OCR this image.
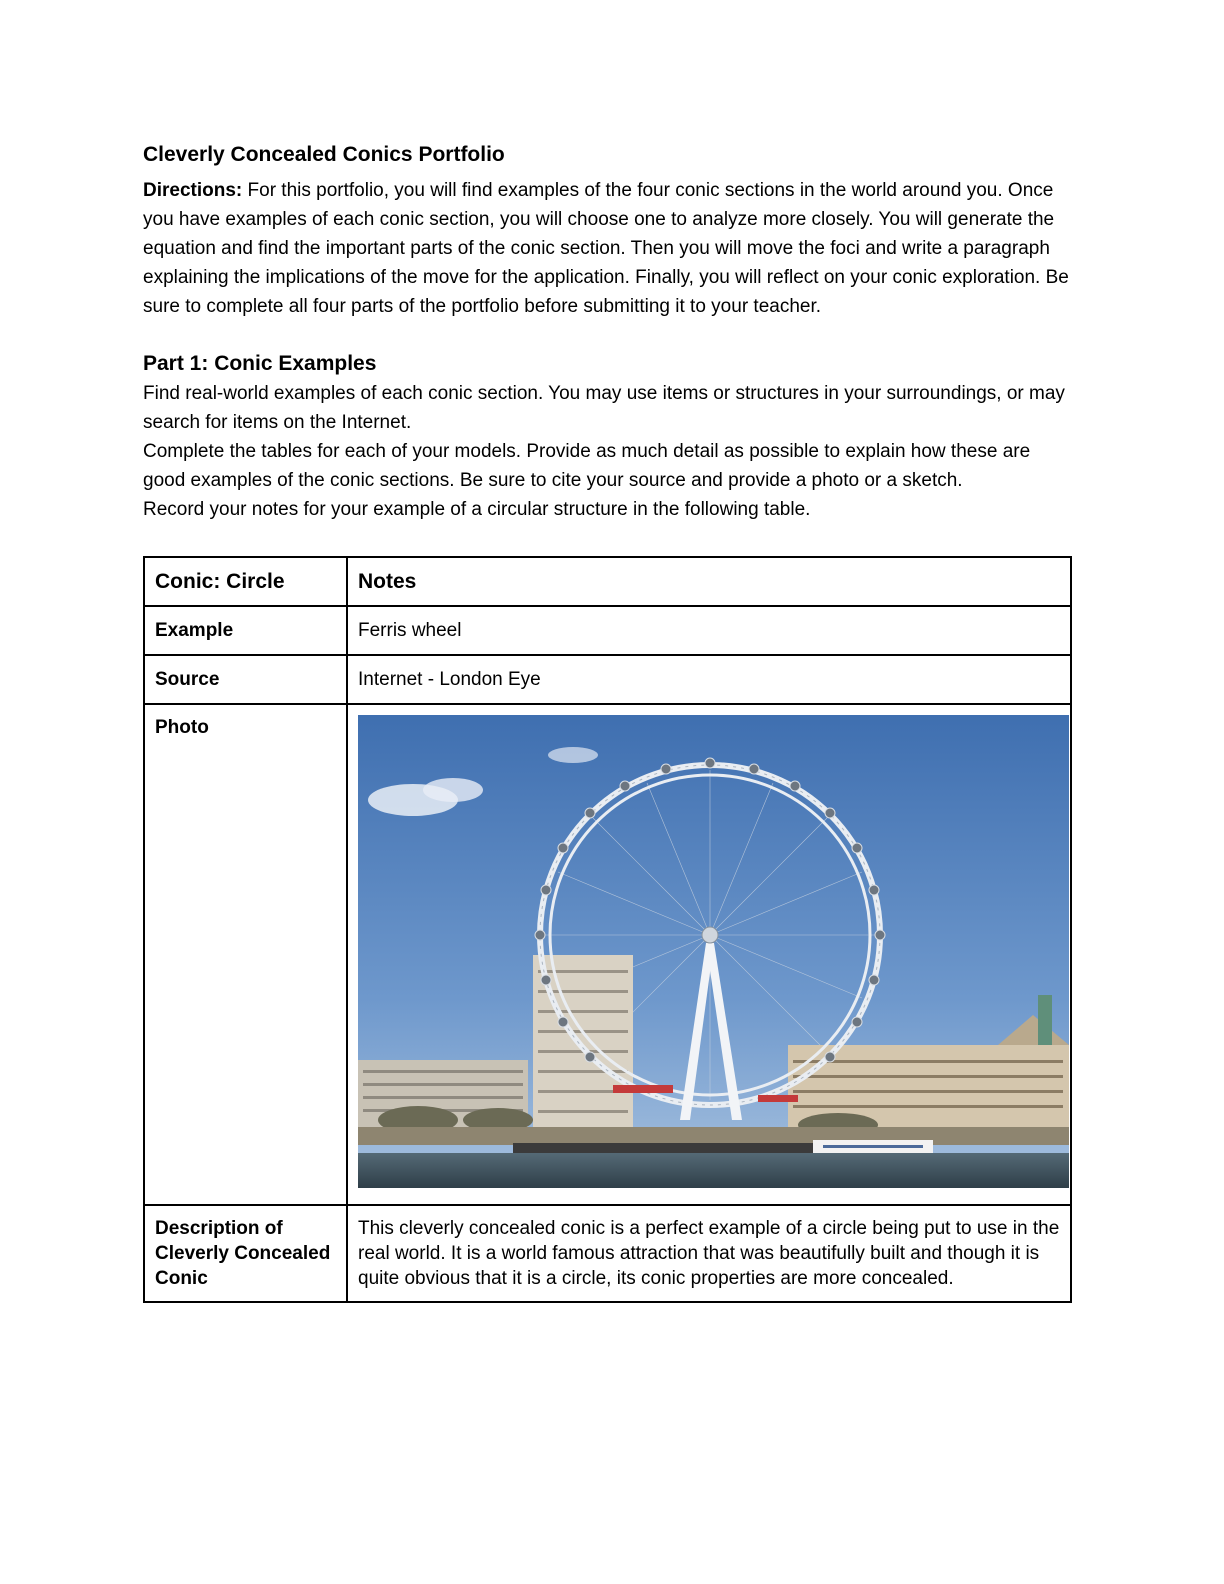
Cleverly Concealed Conics Portfolio

Directions: For this portfolio, you will find examples of the four conic sections in the world around you. Once you have examples of each conic section, you will choose one to analyze more closely. You will generate the equation and find the important parts of the conic section. Then you will move the foci and write a paragraph explaining the implications of the move for the application. Finally, you will reflect on your conic exploration. Be sure to complete all four parts of the portfolio before submitting it to your teacher.

Part 1: Conic Examples

Find real-world examples of each conic section. You may use items or structures in your surroundings, or may search for items on the Internet.

Complete the tables for each of your models. Provide as much detail as possible to explain how these are good examples of the conic sections. Be sure to cite your source and provide a photo or a sketch.

Record your notes for your example of a circular structure in the following table.

Conic: Circle	Notes
Example	Ferris wheel
Source	Internet - London Eye
Photo	

Description of Cleverly Concealed Conic	This cleverly concealed conic is a perfect example of a circle being put to use in the real world. It is a world famous attraction that was beautifully built and though it is quite obvious that it is a circle, its conic properties are more concealed.
